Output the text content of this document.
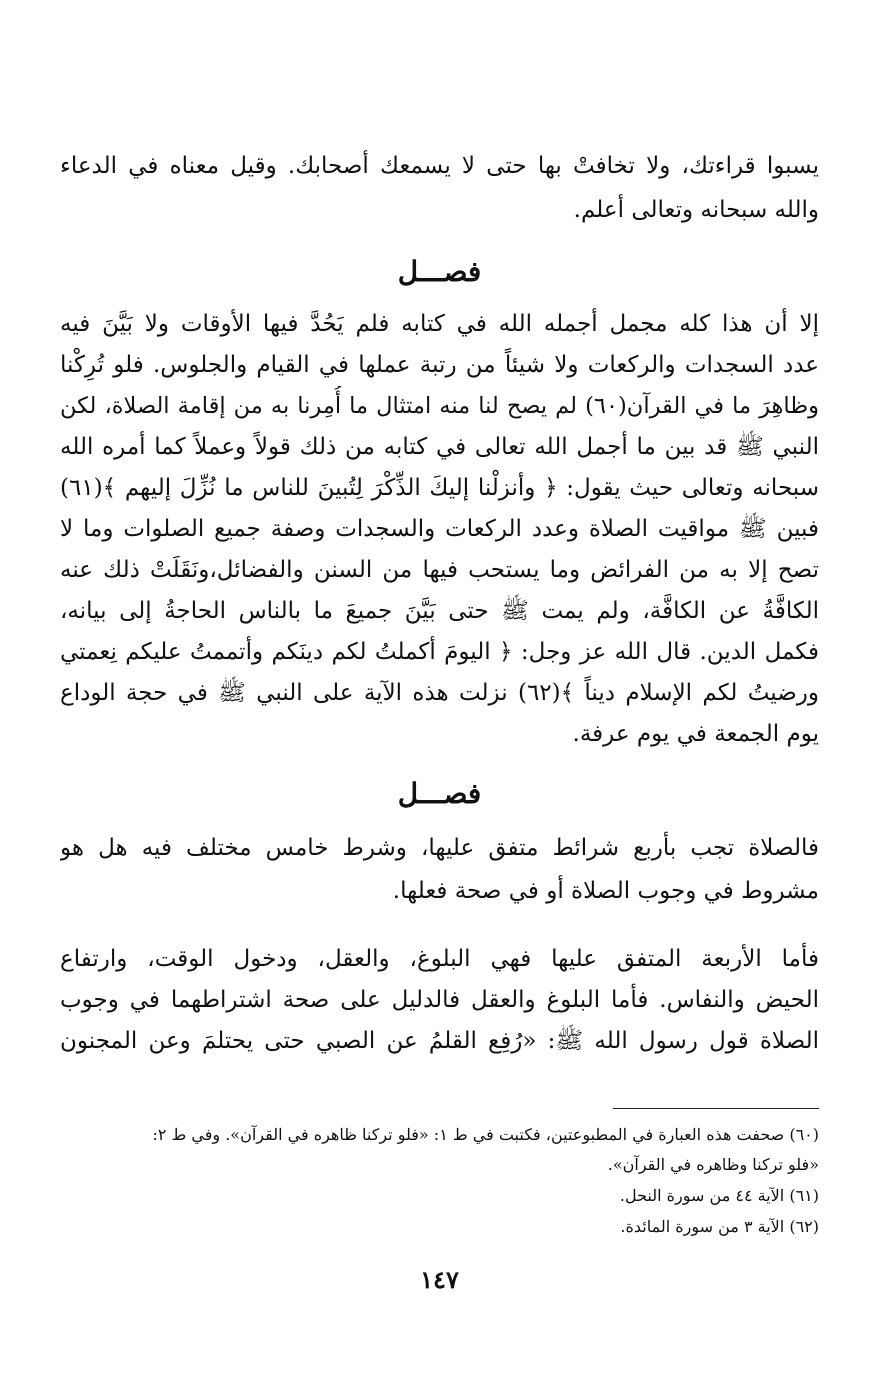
يسبوا قراءتك، ولا تخافتْ بها حتى لا يسمعك أصحابك. وقيل معناه في الدعاء
والله سبحانه وتعالى أعلم.
فصـــل
إلا أن هذا كله مجمل أجمله الله في كتابه فلم يَحُدَّ فيها الأوقات ولا بَيَّنَ فيه
عدد السجدات والركعات ولا شيئاً من رتبة عملها في القيام والجلوس. فلو تُرِكْنا
وظاهِرَ ما في القرآن(٦٠) لم يصح لنا منه امتثال ما أُمِرنا به من إقامة الصلاة، لكن
النبي ﷺ قد بين ما أجمل الله تعالى في كتابه من ذلك قولاً وعملاً كما أمره الله
سبحانه وتعالى حيث يقول: ﴿ وأنزلْنا إليكَ الذِّكْرَ لِتُبينَ للناس ما نُزِّلَ إليهم ﴾(٦١)
فبين ﷺ مواقيت الصلاة وعدد الركعات والسجدات وصفة جميع الصلوات وما لا
تصح إلا به من الفرائض وما يستحب فيها من السنن والفضائل،ونَقَلَتْ ذلك عنه
الكافَّةُ عن الكافَّة، ولم يمت ﷺ حتى بَيَّنَ جميعَ ما بالناس الحاجةُ إلى بيانه،
فكمل الدين. قال الله عز وجل: ﴿ اليومَ أكملتُ لكم دينَكم وأتممتُ عليكم نِعمتي
ورضيتُ لكم الإسلام ديناً ﴾(٦٢) نزلت هذه الآية على النبي ﷺ في حجة الوداع
يوم الجمعة في يوم عرفة.
فصـــل
فالصلاة تجب بأربع شرائط متفق عليها، وشرط خامس مختلف فيه هل هو
مشروط في وجوب الصلاة أو في صحة فعلها.
فأما الأربعة المتفق عليها فهي البلوغ، والعقل، ودخول الوقت، وارتفاع
الحيض والنفاس. فأما البلوغ والعقل فالدليل على صحة اشتراطهما في وجوب
الصلاة قول رسول الله ﷺ: «رُفِع القلمُ عن الصبي حتى يحتلمَ وعن المجنون
(٦٠) صحفت هذه العبارة في المطبوعتين، فكتبت في ط ١: «فلو تركنا ظاهره في القرآن». وفي ط ٢:
«فلو تركنا وظاهره في القرآن».
(٦١) الآية ٤٤ من سورة النحل.
(٦٢) الآية ٣ من سورة المائدة.
١٤٧
